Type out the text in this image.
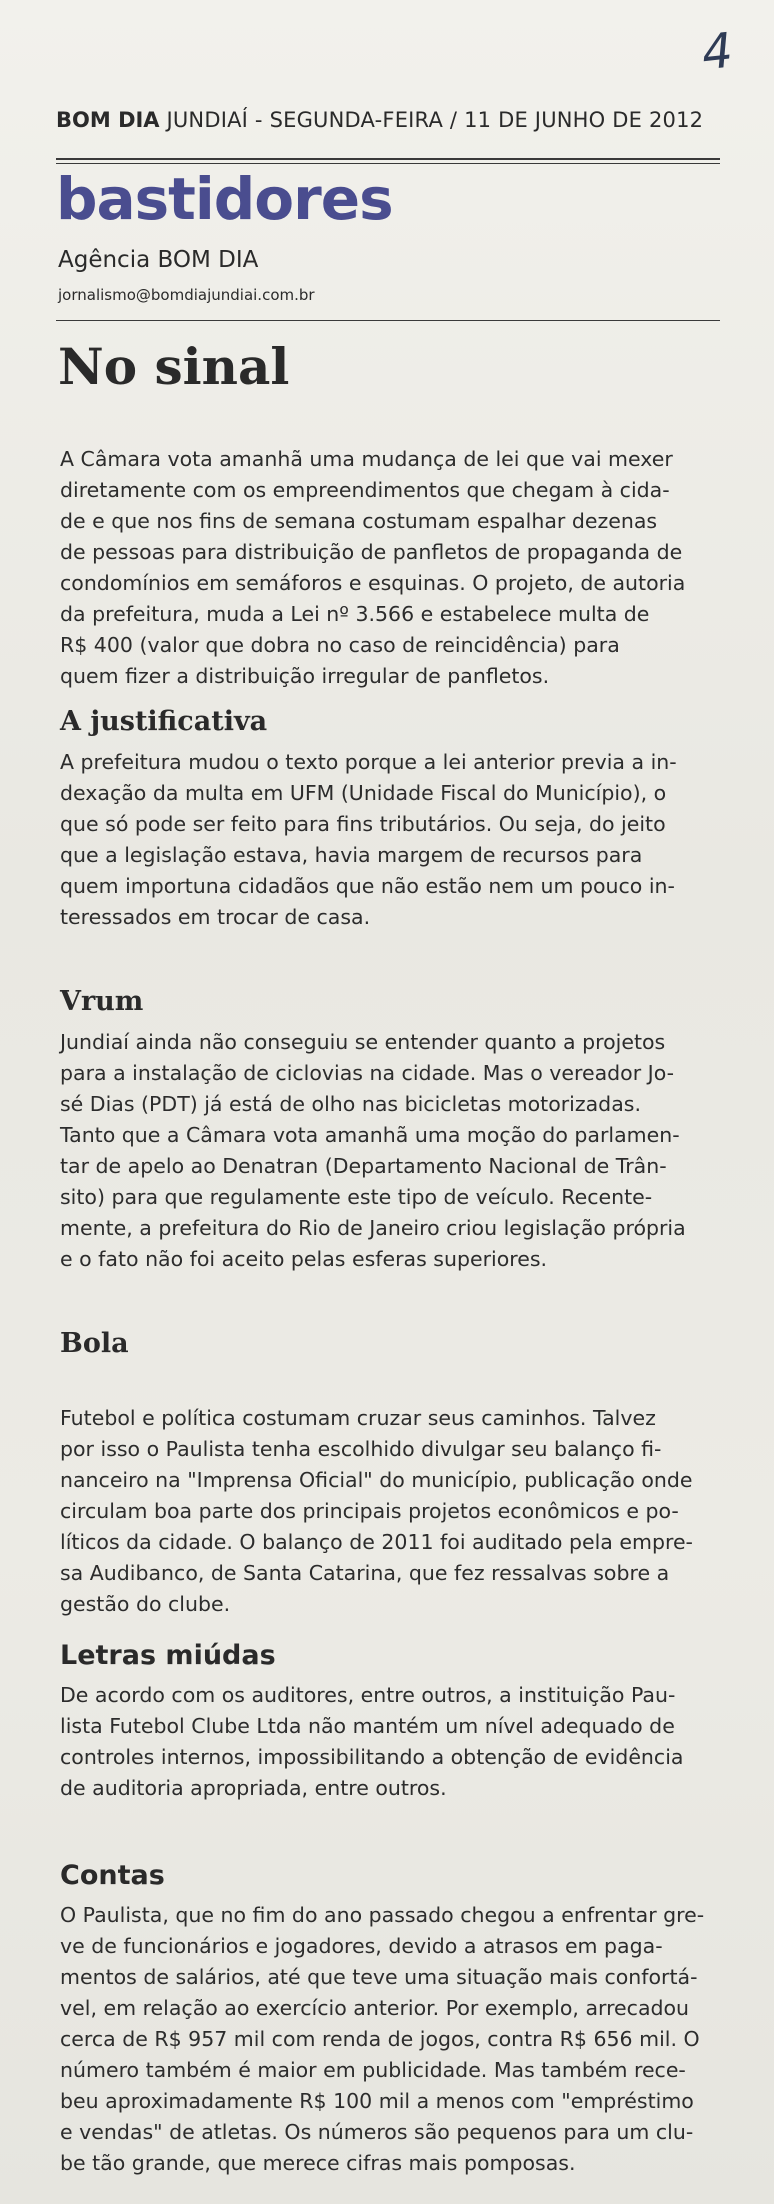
4
BOM DIA JUNDIAÍ - SEGUNDA-FEIRA / 11 DE JUNHO DE 2012
bastidores
Agência BOM DIA
jornalismo@bomdiajundiai.com.br
No sinal
A Câmara vota amanhã uma mudança de lei que vai mexer
diretamente com os empreendimentos que chegam à cida-
de e que nos fins de semana costumam espalhar dezenas
de pessoas para distribuição de panfletos de propaganda de
condomínios em semáforos e esquinas. O projeto, de autoria
da prefeitura, muda a Lei nº 3.566 e estabelece multa de
R$ 400 (valor que dobra no caso de reincidência) para
quem fizer a distribuição irregular de panfletos.
A justificativa
A prefeitura mudou o texto porque a lei anterior previa a in-
dexação da multa em UFM (Unidade Fiscal do Município), o
que só pode ser feito para fins tributários. Ou seja, do jeito
que a legislação estava, havia margem de recursos para
quem importuna cidadãos que não estão nem um pouco in-
teressados em trocar de casa.
Vrum
Jundiaí ainda não conseguiu se entender quanto a projetos
para a instalação de ciclovias na cidade. Mas o vereador Jo-
sé Dias (PDT) já está de olho nas bicicletas motorizadas.
Tanto que a Câmara vota amanhã uma moção do parlamen-
tar de apelo ao Denatran (Departamento Nacional de Trân-
sito) para que regulamente este tipo de veículo. Recente-
mente, a prefeitura do Rio de Janeiro criou legislação própria
e o fato não foi aceito pelas esferas superiores.
Bola
Futebol e política costumam cruzar seus caminhos. Talvez
por isso o Paulista tenha escolhido divulgar seu balanço fi-
nanceiro na "Imprensa Oficial" do município, publicação onde
circulam boa parte dos principais projetos econômicos e po-
líticos da cidade. O balanço de 2011 foi auditado pela empre-
sa Audibanco, de Santa Catarina, que fez ressalvas sobre a
gestão do clube.
Letras miúdas
De acordo com os auditores, entre outros, a instituição Pau-
lista Futebol Clube Ltda não mantém um nível adequado de
controles internos, impossibilitando a obtenção de evidência
de auditoria apropriada, entre outros.
Contas
O Paulista, que no fim do ano passado chegou a enfrentar gre-
ve de funcionários e jogadores, devido a atrasos em paga-
mentos de salários, até que teve uma situação mais confortá-
vel, em relação ao exercício anterior. Por exemplo, arrecadou
cerca de R$ 957 mil com renda de jogos, contra R$ 656 mil. O
número também é maior em publicidade. Mas também rece-
beu aproximadamente R$ 100 mil a menos com "empréstimo
e vendas" de atletas. Os números são pequenos para um clu-
be tão grande, que merece cifras mais pomposas.
